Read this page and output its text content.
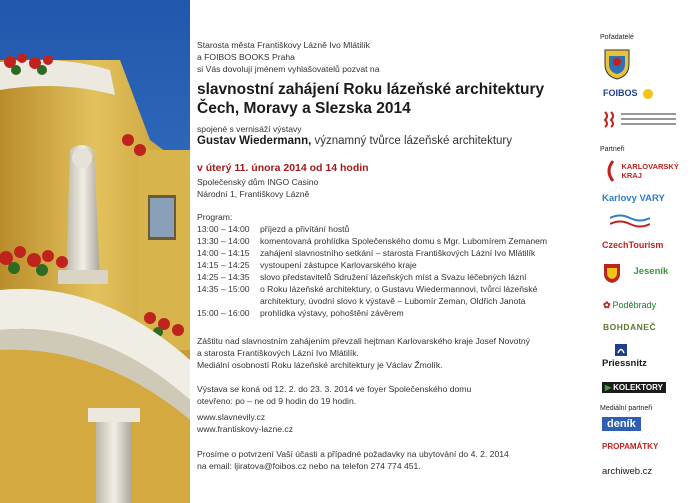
Starosta města Františkovy Lázně Ivo Mlátilík
a FOIBOS BOOKS Praha
si Vás dovolují jménem vyhlašovatelů pozvat na
slavnostní zahájení Roku lázeňské architektury
Čech, Moravy a Slezska 2014
spojené s vernisáží výstavy
Gustav Wiedermann, významný tvůrce lázeňské architektury
v úterý 11. února 2014 od 14 hodin
Společenský dům INGO Casino
Národní 1, Františkovy Lázně
Program:
13:00 – 14:00 příjezd a přivítání hostů
13:30 – 14:00 komentovaná prohlídka Společenského domu s Mgr. Lubomírem Zemanem
14:00 – 14:15 zahájení slavnostního setkání – starosta Františkových Lázní Ivo Mlátilík
14:15 – 14:25 vystoupení zástupce Karlovarského kraje
14:25 – 14:35 slovo představitelů Sdružení lázeňských míst a Svazu léčebných lázní
14:35 – 15:00 o Roku lázeňské architektury, o Gustavu Wiedermannovi, tvůrci lázeňské
architektury, úvodní slovo k výstavě – Lubomír Zeman, Oldřich Janota
15:00 – 16:00 prohlídka výstavy, pohoštění závěrem
Záštitu nad slavnostním zahájením převzali hejtman Karlovarského kraje Josef Novotný
a starosta Františkových Lázní Ivo Mlátilík.
Mediální osobností Roku lázeňské architektury je Václav Žmolík.
Výstava se koná od 12. 2. do 23. 3. 2014 ve foyer Společenského domu
otevřeno: po – ne od 9 hodin do 19 hodin.
www.slavnevily.cz
www.frantiskovy-lazne.cz
Prosíme o potvrzení Vaší účasti a případné požadavky na ubytování do 4. 2. 2014
na email: ljiratova@foibos.cz nebo na telefon 274 774 451.
Pořadatelé
FOIBOS

Partneři

KARLOVARSKÝ
KRAJ
Karlovy VARY
CzechTourism
Jeseník
✿ Poděbrady
BOHDANEČ
Priessnitz
▶ KOLEKTORY
Mediální partneři
deník
PROPAMÁTKY
archiweb.cz
